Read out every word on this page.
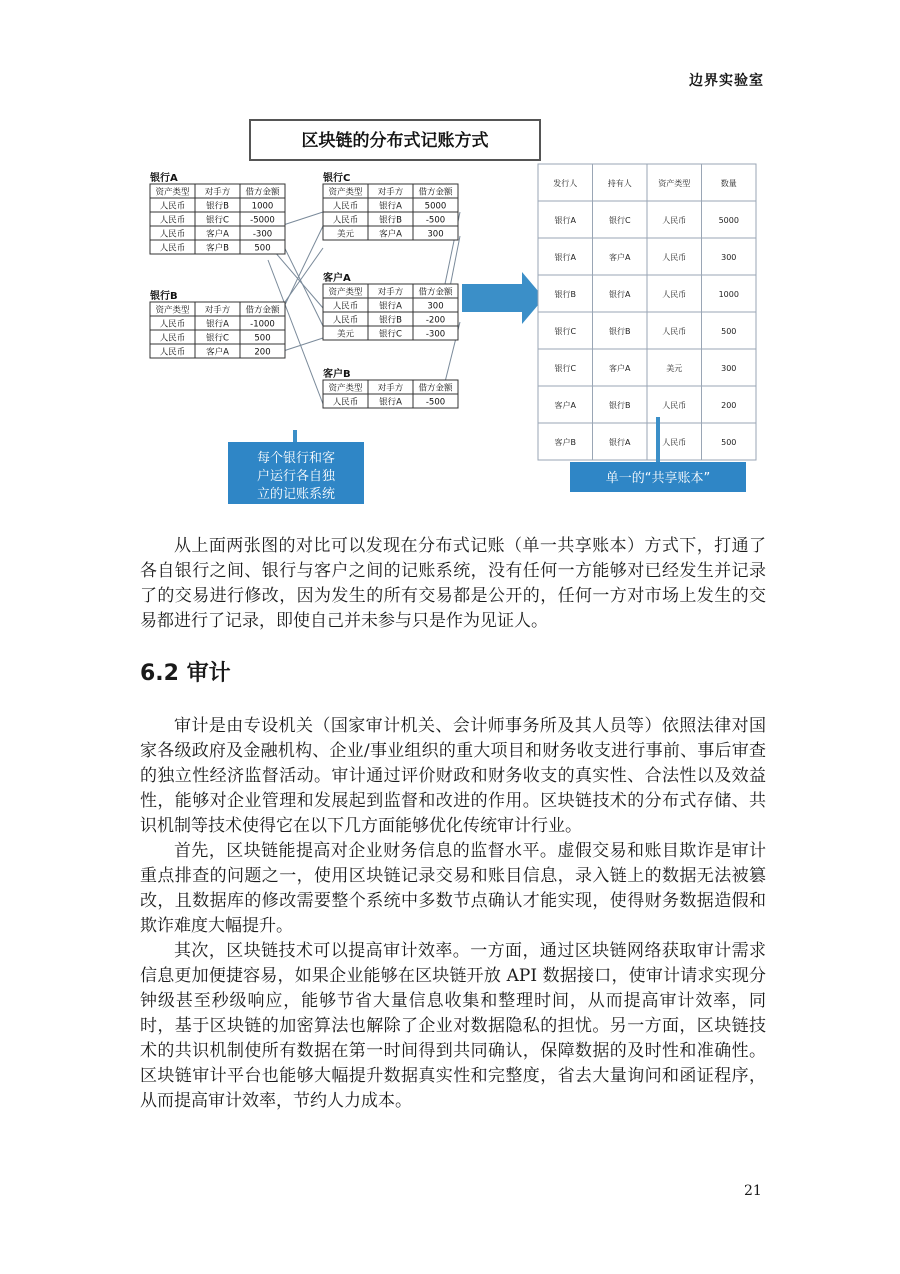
边界实验室
区块链的分布式记账方式
银行A
资产类型 对手方 借方金额
人民币 银行B	1000
人民币 银行C -5000
人民币 客户A	-300
人民币 客户B	500
银行B
资产类型 对手方 借方金额
人民币 银行A -1000
人民币 银行C	500
人民币 客户A	200
银行C
资产类型 对手方 借方金额
人民币 银行A	5000
人民币 银行B	-500
美元	客户A	300
客户A
资产类型 对手方 借方金额
人民币 银行A	300
人民币 银行B	-200
美元	银行C	-300
客户B
资产类型 对手方 借方金额
人民币 银行A	-500
发行人	持有人	资产类型	数量
银行A	银行C	人民币	5000
银行A	客户A	人民币	300
银行B	银行A	人民币	1000
银行C	银行B	人民币	500
银行C	客户A	美元	300
客户A	银行B	人民币	200
客户B	银行A	人民币	500
每个银行和客
户运行各自独
立的记账系统
单一的“共享账本”

从上面两张图的对比可以发现在分布式记账（单一共享账本）方式下，打通了各自银行之间、银行与客户之间的记账系统，没有任何一方能够对已经发生并记录了的交易进行修改，因为发生的所有交易都是公开的，任何一方对市场上发生的交易都进行了记录，即使自己并未参与只是作为见证人。

6.2 审计

审计是由专设机关（国家审计机关、会计师事务所及其人员等）依照法律对国家各级政府及金融机构、企业/事业组织的重大项目和财务收支进行事前、事后审查的独立性经济监督活动。审计通过评价财政和财务收支的真实性、合法性以及效益性，能够对企业管理和发展起到监督和改进的作用。区块链技术的分布式存储、共识机制等技术使得它在以下几方面能够优化传统审计行业。

首先，区块链能提高对企业财务信息的监督水平。虚假交易和账目欺诈是审计重点排查的问题之一，使用区块链记录交易和账目信息，录入链上的数据无法被篡改，且数据库的修改需要整个系统中多数节点确认才能实现，使得财务数据造假和欺诈难度大幅提升。

其次，区块链技术可以提高审计效率。一方面，通过区块链网络获取审计需求信息更加便捷容易，如果企业能够在区块链开放 API 数据接口，使审计请求实现分钟级甚至秒级响应，能够节省大量信息收集和整理时间，从而提高审计效率，同时，基于区块链的加密算法也解除了企业对数据隐私的担忧。另一方面，区块链技术的共识机制使所有数据在第一时间得到共同确认，保障数据的及时性和准确性。区块链审计平台也能够大幅提升数据真实性和完整度，省去大量询问和函证程序，从而提高审计效率，节约人力成本。

21
